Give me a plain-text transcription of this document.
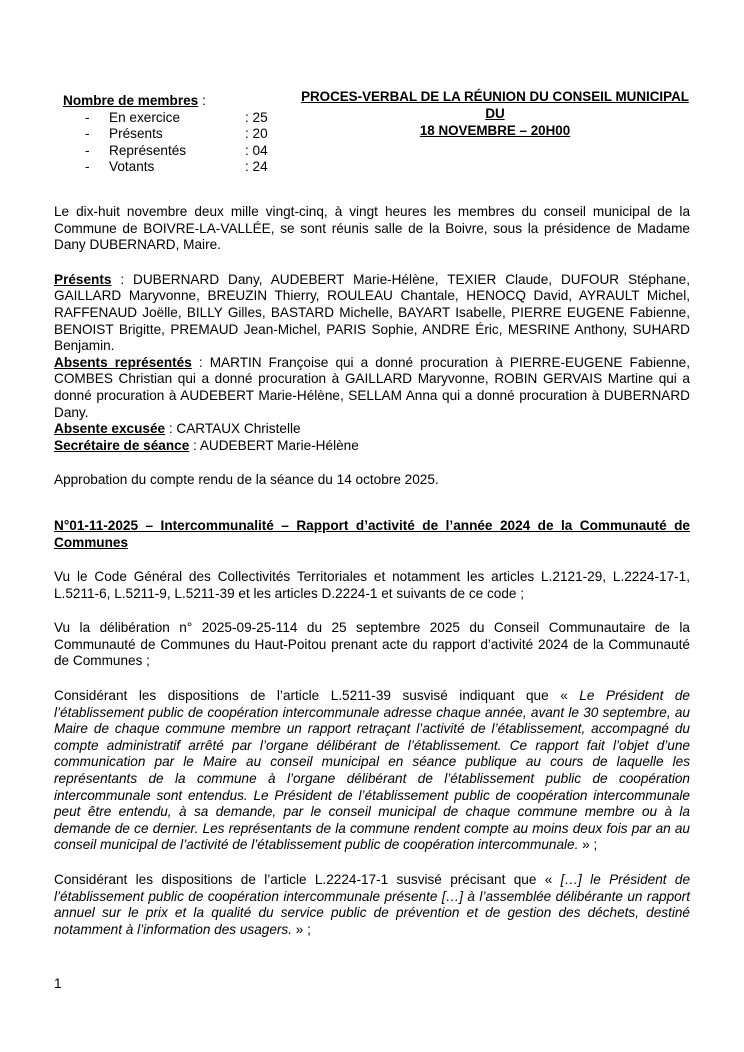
Nombre de membres :
-	En exercice	: 25
-	Présents	: 20
-	Représentés	: 04
-	Votants	: 24
PROCES-VERBAL DE LA RÉUNION DU CONSEIL MUNICIPAL DU
18 NOVEMBRE – 20H00

Le dix-huit novembre deux mille vingt-cinq, à vingt heures les membres du conseil municipal de la Commune de BOIVRE-LA-VALLÉE, se sont réunis salle de la Boivre, sous la présidence de Madame Dany DUBERNARD, Maire.

Présents : DUBERNARD Dany, AUDEBERT Marie-Hélène, TEXIER Claude, DUFOUR Stéphane, GAILLARD Maryvonne, BREUZIN Thierry, ROULEAU Chantale, HENOCQ David, AYRAULT Michel, RAFFENAUD Joëlle, BILLY Gilles, BASTARD Michelle, BAYART Isabelle, PIERRE EUGENE Fabienne, BENOIST Brigitte, PREMAUD Jean-Michel, PARIS Sophie, ANDRE Éric, MESRINE Anthony, SUHARD Benjamin.

Absents représentés : MARTIN Françoise qui a donné procuration à PIERRE-EUGENE Fabienne, COMBES Christian qui a donné procuration à GAILLARD Maryvonne, ROBIN GERVAIS Martine qui a donné procuration à AUDEBERT Marie-Hélène, SELLAM Anna qui a donné procuration à DUBERNARD Dany.

Absente excusée : CARTAUX Christelle

Secrétaire de séance : AUDEBERT Marie-Hélène

Approbation du compte rendu de la séance du 14 octobre 2025.

N°01-11-2025 – Intercommunalité – Rapport d’activité de l’année 2024 de la Communauté de Communes

Vu le Code Général des Collectivités Territoriales et notamment les articles L.2121-29, L.2224-17-1, L.5211-6, L.5211-9, L.5211-39 et les articles D.2224-1 et suivants de ce code ;

Vu la délibération n° 2025-09-25-114 du 25 septembre 2025 du Conseil Communautaire de la Communauté de Communes du Haut-Poitou prenant acte du rapport d’activité 2024 de la Communauté de Communes ;

Considérant les dispositions de l’article L.5211-39 susvisé indiquant que « Le Président de l’établissement public de coopération intercommunale adresse chaque année, avant le 30 septembre, au Maire de chaque commune membre un rapport retraçant l’activité de l’établissement, accompagné du compte administratif arrêté par l’organe délibérant de l’établissement. Ce rapport fait l’objet d’une communication par le Maire au conseil municipal en séance publique au cours de laquelle les représentants de la commune à l’organe délibérant de l’établissement public de coopération intercommunale sont entendus. Le Président de l’établissement public de coopération intercommunale peut être entendu, à sa demande, par le conseil municipal de chaque commune membre ou à la demande de ce dernier. Les représentants de la commune rendent compte au moins deux fois par an au conseil municipal de l’activité de l’établissement public de coopération intercommunale. » ;

Considérant les dispositions de l’article L.2224-17-1 susvisé précisant que « […] le Président de l’établissement public de coopération intercommunale présente […] à l’assemblée délibérante un rapport annuel sur le prix et la qualité du service public de prévention et de gestion des déchets, destiné notamment à l’information des usagers. » ;

1
